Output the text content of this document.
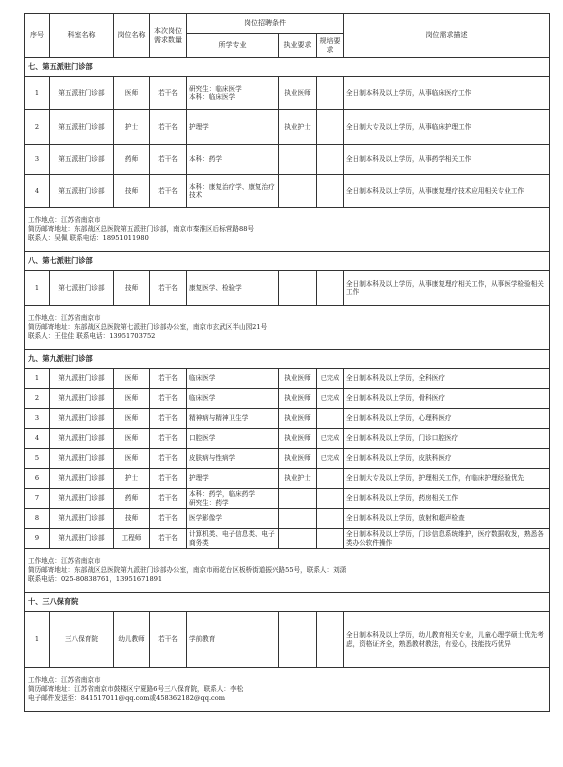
序号	科室名称	岗位名称	本次岗位需求数量	岗位招聘条件			岗位需求描述
				所学专业	执业要求	规培要求	
七、第五派驻门诊部							
1	第五派驻门诊部	医师	若干名	研究生：临床医学
本科：临床医学	执业医师		全日制本科及以上学历，从事临床医疗工作
2	第五派驻门诊部	护士	若干名	护理学	执业护士		全日制大专及以上学历，从事临床护理工作
3	第五派驻门诊部	药师	若干名	本科：药学			全日制本科及以上学历，从事药学相关工作
4	第五派驻门诊部	技师	若干名	本科：康复治疗学、康复治疗技术			全日制本科及以上学历，从事康复理疗技术应用相关专业工作

工作地点：江苏省南京市
简历邮寄地址：东部战区总医院第五派驻门诊部，南京市秦淮区后标营路88号
联系人：吴佩 联系电话：18951011980							

八、第七派驻门诊部							
1	第七派驻门诊部	技师	若干名	康复医学、检验学			全日制本科及以上学历，从事康复理疗相关工作，从事医学检验相关工作

工作地点：江苏省南京市
简历邮寄地址：东部战区总医院第七派驻门诊部办公室，南京市玄武区半山园21号
联系人：王佳佳 联系电话：13951703752							

九、第九派驻门诊部							
1	第九派驻门诊部	医师	若干名	临床医学	执业医师	已完成	全日制本科及以上学历，全科医疗
2	第九派驻门诊部	医师	若干名	临床医学	执业医师	已完成	全日制本科及以上学历，骨科医疗
3	第九派驻门诊部	医师	若干名	精神病与精神卫生学	执业医师		全日制本科及以上学历，心理科医疗
4	第九派驻门诊部	医师	若干名	口腔医学	执业医师	已完成	全日制本科及以上学历，门诊口腔医疗
5	第九派驻门诊部	医师	若干名	皮肤病与性病学	执业医师	已完成	全日制本科及以上学历，皮肤科医疗
6	第九派驻门诊部	护士	若干名	护理学	执业护士		全日制大专及以上学历，护理相关工作，有临床护理经验优先
7	第九派驻门诊部	药师	若干名	本科：药学，临床药学
研究生：药学			全日制本科及以上学历，药房相关工作
8	第九派驻门诊部	技师	若干名	医学影像学			全日制本科及以上学历，放射和超声检查
9	第九派驻门诊部	工程师	若干名	计算机类、电子信息类、电子商务类			全日制本科及以上学历，门诊信息系统维护，医疗数据收发，熟悉各类办公软件操作

工作地点：江苏省南京市
简历邮寄地址：东部战区总医院第九派驻门诊部办公室，南京市雨花台区板桥街道振兴路55号，联系人：刘潇
联系电话：025-80838761，13951671891							

十、三八保育院							
1	三八保育院	幼儿教师	若干名	学前教育			全日制本科及以上学历，幼儿教育相关专业，儿童心理学硕士优先考虑，资格证齐全，熟悉教材教法，有爱心，技能技巧优异

工作地点：江苏省南京市
简历邮寄地址：江苏省南京市鼓楼区宁夏路6号三八保育院，联系人：李松
电子邮件发送至：841517011@qq.com或458362182@qq.com							
